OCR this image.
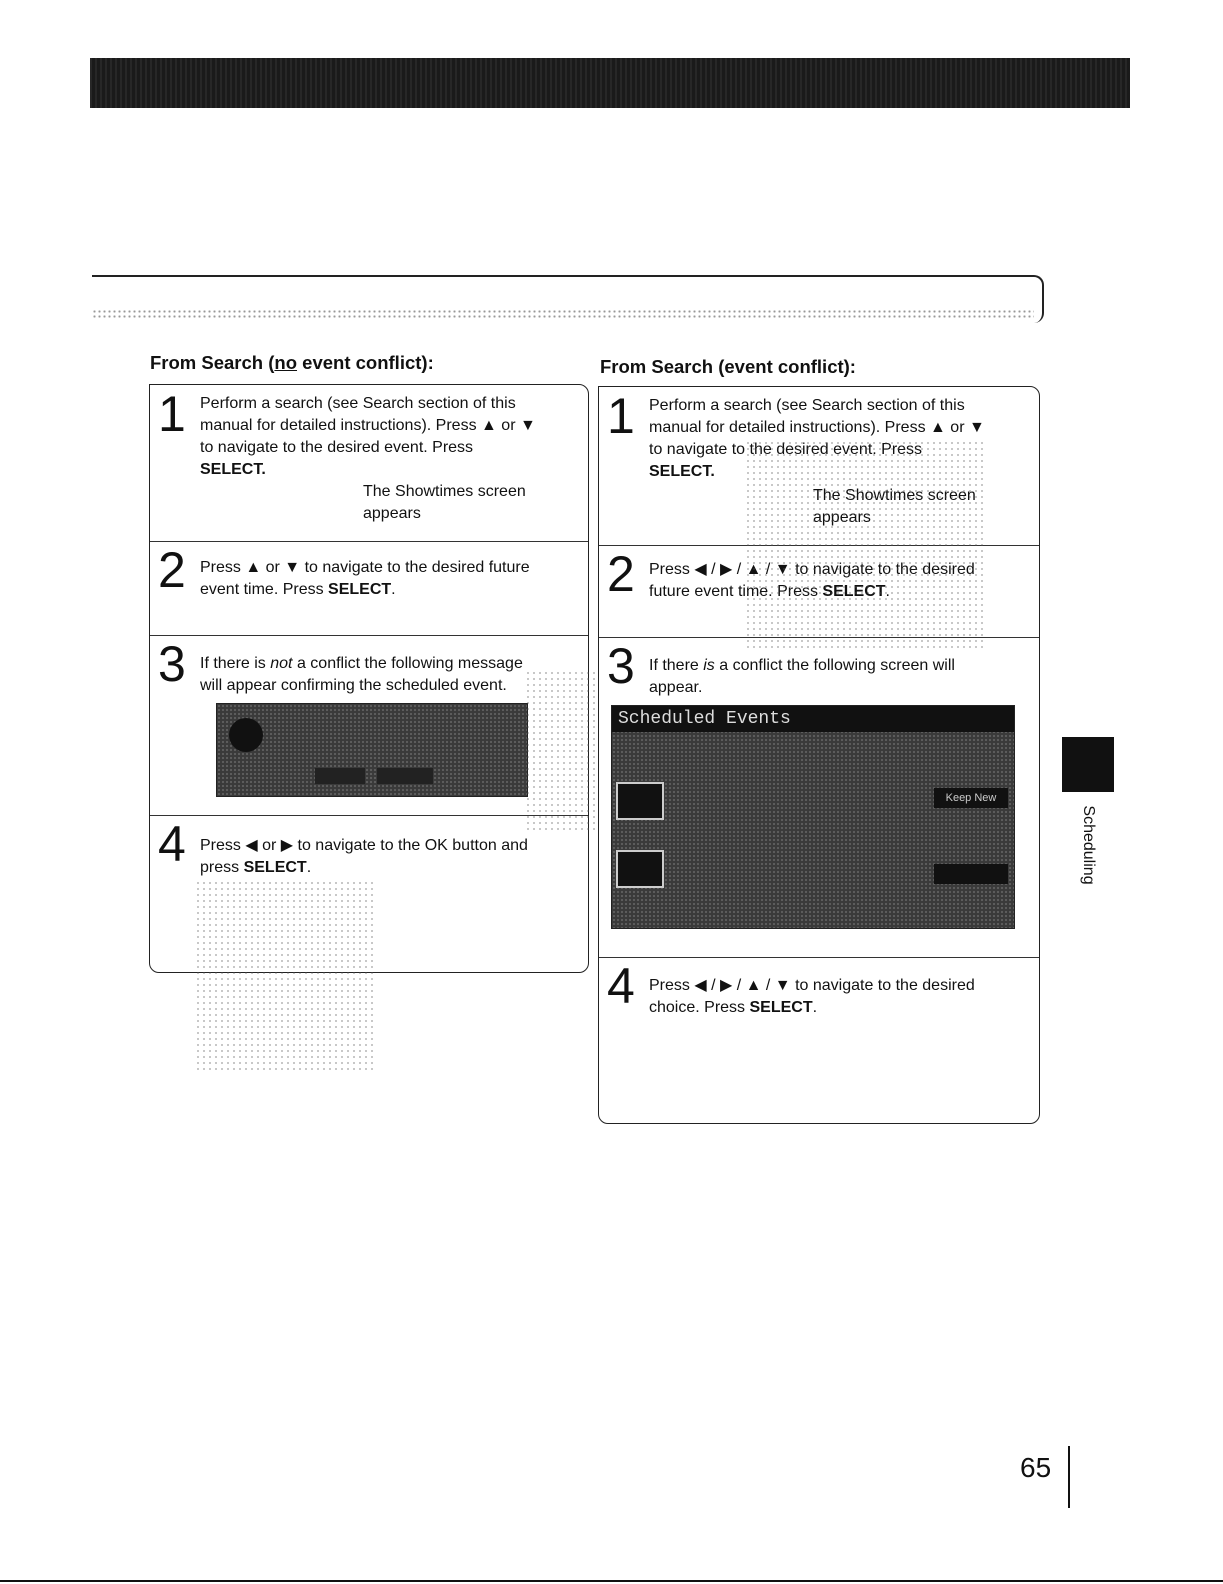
From Search (no event conflict):
1 Perform a search (see Search section of this
manual for detailed instructions). Press ▲ or ▼
to navigate to the desired event. Press
SELECT.
The Showtimes screen
appears
2 Press ▲ or ▼ to navigate to the desired future
event time. Press SELECT.
3 If there is not a conflict the following message
will appear confirming the scheduled event.
4 Press ◀ or ▶ to navigate to the OK button and
press SELECT.
From Search (event conflict):
1 Perform a search (see Search section of this
manual for detailed instructions). Press ▲ or ▼
to navigate to the desired event. Press
SELECT.
The Showtimes screen
appears
2 Press ◀ / ▶ / ▲ / ▼ to navigate to the desired
future event time. Press SELECT.
3 If there is a conflict the following screen will
appear.
Scheduled Events
Keep New
4 Press ◀ / ▶ / ▲ / ▼ to navigate to the desired
choice. Press SELECT.
Scheduling
65
